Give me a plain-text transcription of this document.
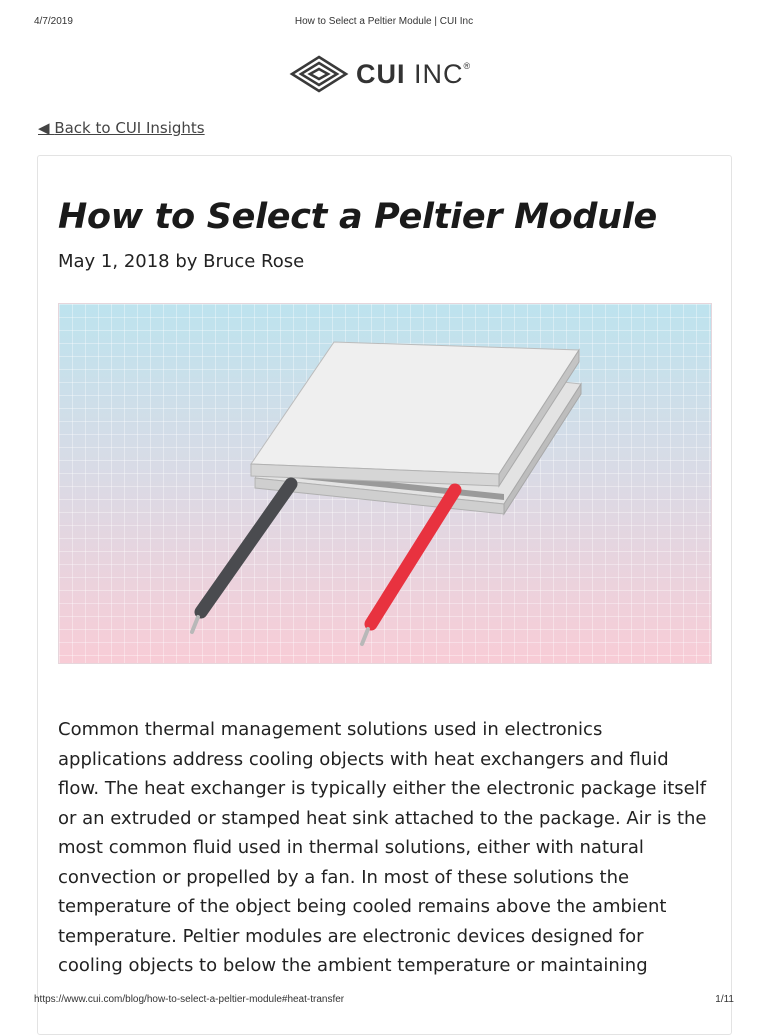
4/7/2019	How to Select a Peltier Module | CUI Inc
CUI INC®
◀ Back to CUI Insights
How to Select a Peltier Module
May 1, 2018 by Bruce Rose

Common thermal management solutions used in electronics applications address cooling objects with heat exchangers and fluid flow. The heat exchanger is typically either the electronic package itself or an extruded or stamped heat sink attached to the package. Air is the most common fluid used in thermal solutions, either with natural convection or propelled by a fan. In most of these solutions the temperature of the object being cooled remains above the ambient temperature. Peltier modules are electronic devices designed for cooling objects to below the ambient temperature or maintaining

https://www.cui.com/blog/how-to-select-a-peltier-module#heat-transfer	1/11
